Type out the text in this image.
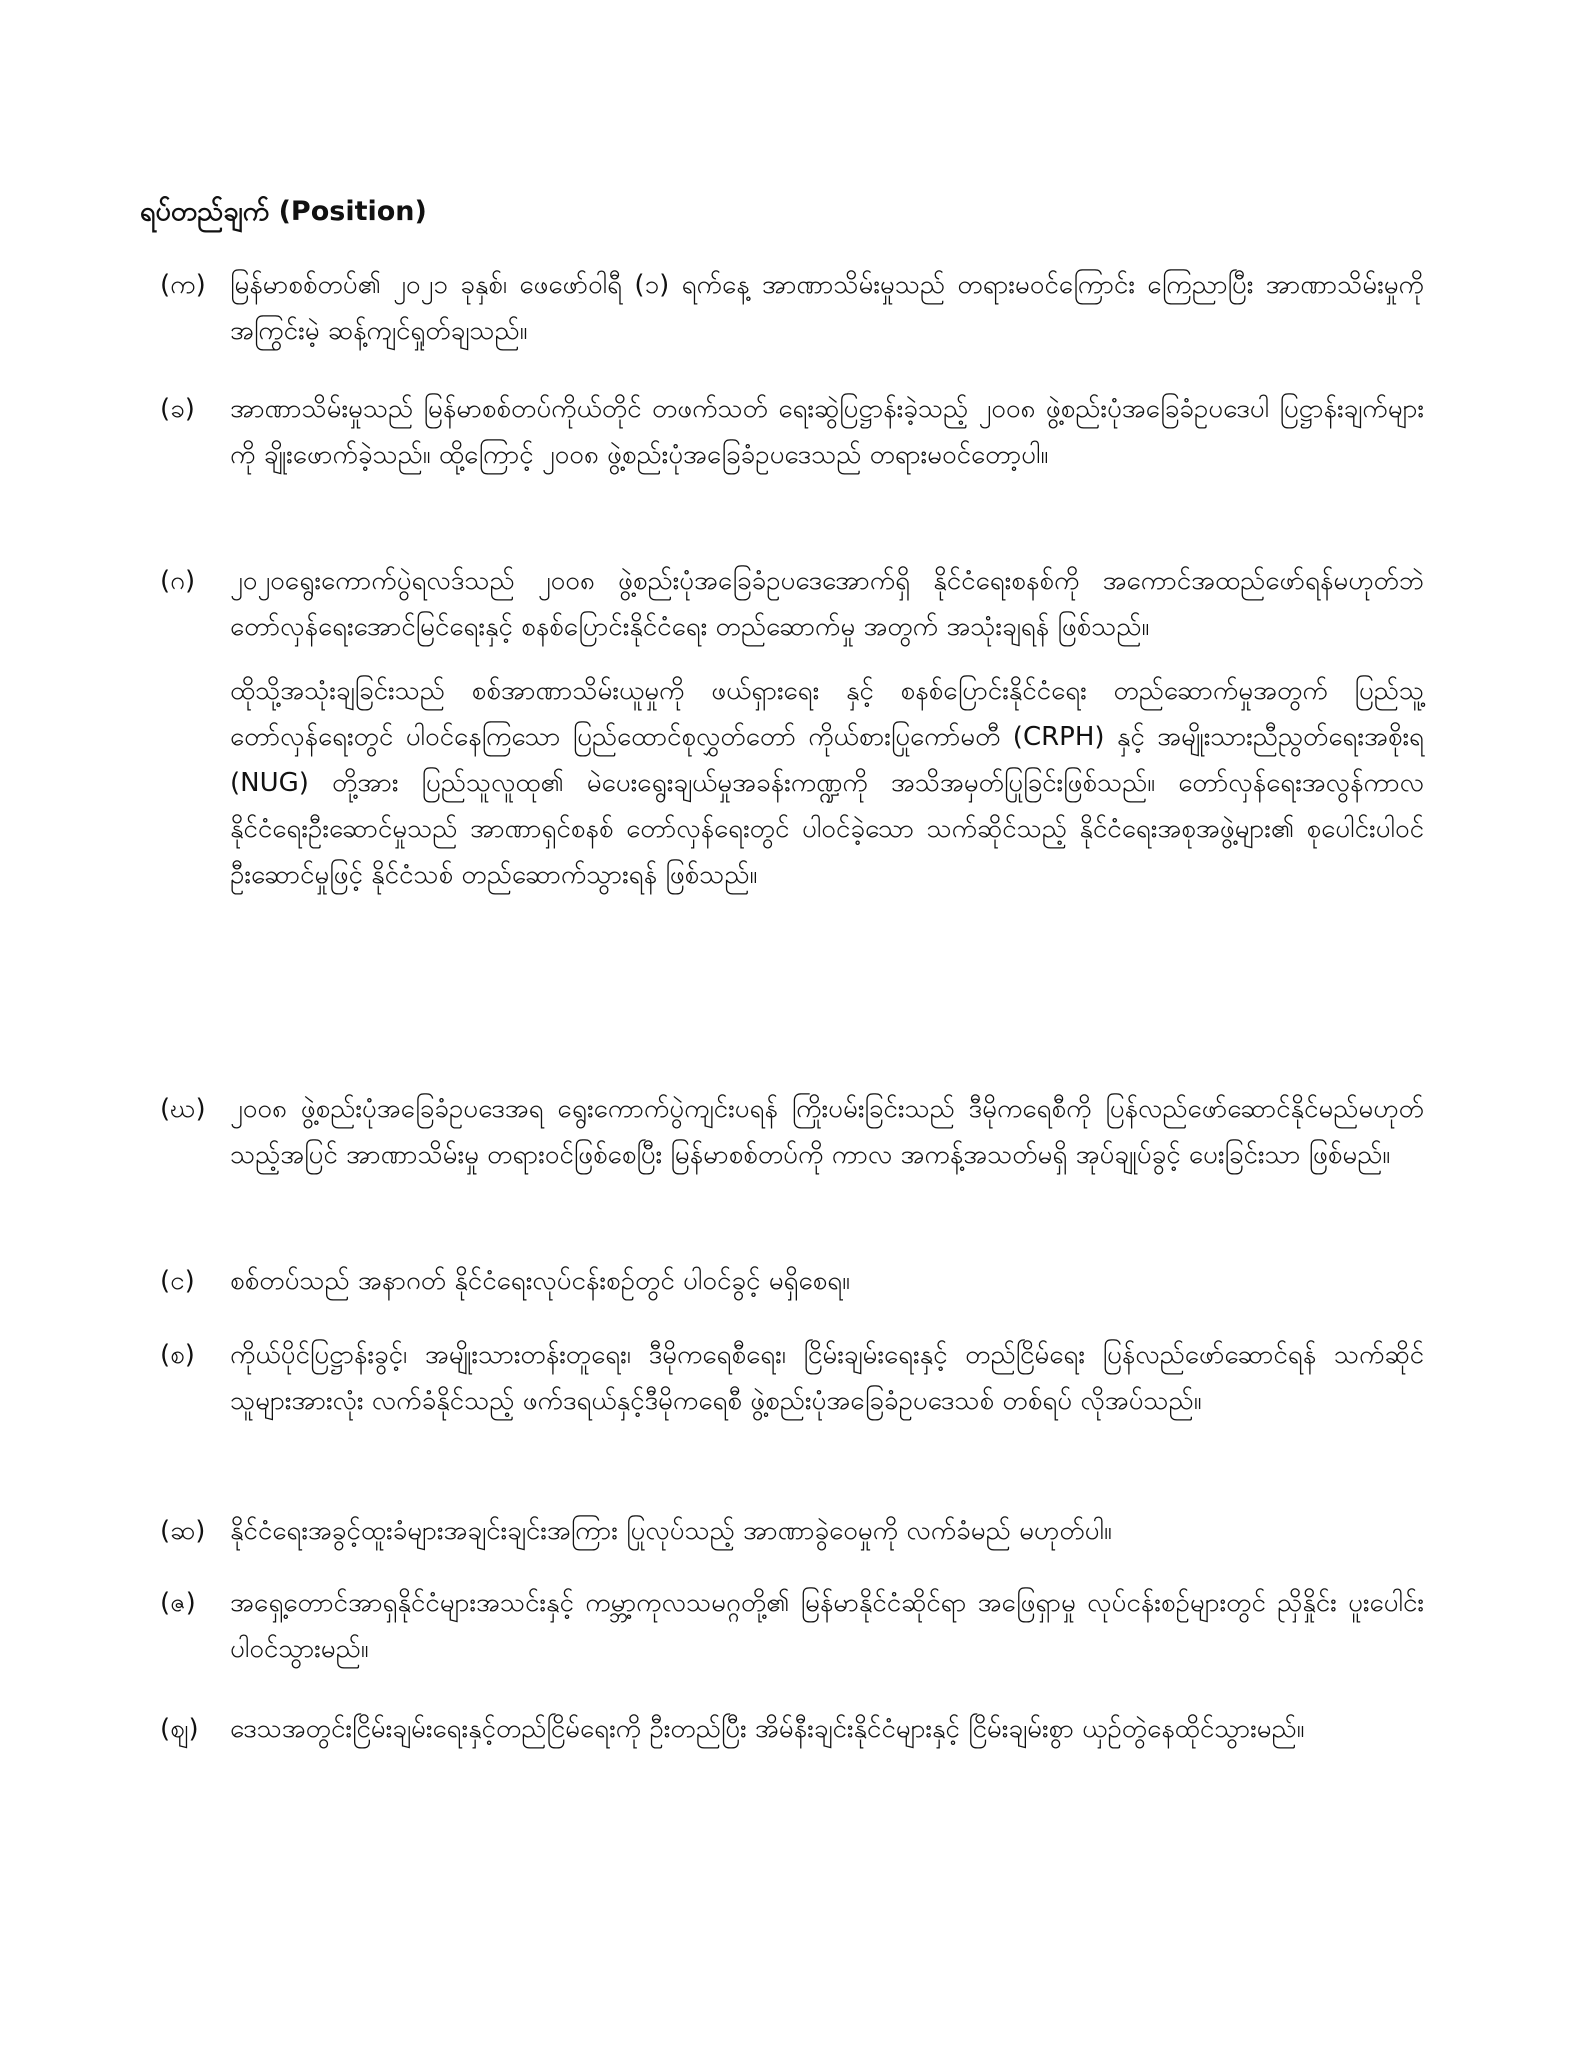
ရပ်တည်ချက် (Position)
(က) မြန်မာစစ်တပ်၏ ၂၀၂၁ ခုနှစ်၊ ဖေဖော်ဝါရီ (၁) ရက်နေ့ အာဏာသိမ်းမှုသည် တရားမဝင်ကြောင်း ကြေညာပြီး အာဏာသိမ်းမှုကို အကြွင်းမဲ့ ဆန့်ကျင်ရှုတ်ချသည်။
(ခ)	အာဏာသိမ်းမှုသည် မြန်မာစစ်တပ်ကိုယ်တိုင် တဖက်သတ် ရေးဆွဲပြဋ္ဌာန်းခဲ့သည့် ၂၀၀၈ ဖွဲ့စည်းပုံအခြေခံဥပဒေပါ ပြဋ္ဌာန်းချက်များကို ချိုးဖောက်ခဲ့သည်။ ထို့ကြောင့် ၂၀၀၈ ဖွဲ့စည်းပုံအခြေခံဥပဒေသည် တရားမဝင်တော့ပါ။
(ဂ)	၂၀၂၀ရွေးကောက်ပွဲရလဒ်သည် ၂၀၀၈ ဖွဲ့စည်းပုံအခြေခံဥပဒေအောက်ရှိ နိုင်ငံရေးစနစ်ကို အကောင်အထည်ဖော်ရန်မဟုတ်ဘဲ တော်လှန်ရေးအောင်မြင်ရေးနှင့် စနစ်ပြောင်းနိုင်ငံရေး တည်ဆောက်မှု အတွက် အသုံးချရန် ဖြစ်သည်။
ထိုသို့အသုံးချခြင်းသည် စစ်အာဏာသိမ်းယူမှုကို ဖယ်ရှားရေး နှင့် စနစ်ပြောင်းနိုင်ငံရေး တည်ဆောက်မှုအတွက် ပြည်သူ့တော်လှန်ရေးတွင် ပါဝင်နေကြသော ပြည်ထောင်စုလွှတ်တော် ကိုယ်စားပြုကော်မတီ (CRPH) နှင့် အမျိုးသားညီညွတ်ရေးအစိုးရ (NUG) တို့အား ပြည်သူလူထု၏ မဲပေးရွေးချယ်မှုအခန်းကဏ္ဍကို အသိအမှတ်ပြုခြင်းဖြစ်သည်။ တော်လှန်ရေးအလွန်ကာလ နိုင်ငံရေးဦးဆောင်မှုသည် အာဏာရှင်စနစ် တော်လှန်ရေးတွင် ပါဝင်ခဲ့သော သက်ဆိုင်သည့် နိုင်ငံရေးအစုအဖွဲ့များ၏ စုပေါင်းပါဝင်ဦးဆောင်မှုဖြင့် နိုင်ငံသစ် တည်ဆောက်သွားရန် ဖြစ်သည်။
(ဃ) ၂၀၀၈ ဖွဲ့စည်းပုံအခြေခံဥပဒေအရ ရွေးကောက်ပွဲကျင်းပရန် ကြိုးပမ်းခြင်းသည် ဒီမိုကရေစီကို ပြန်လည်ဖော်ဆောင်နိုင်မည်မဟုတ်သည့်အပြင် အာဏာသိမ်းမှု တရားဝင်ဖြစ်စေပြီး မြန်မာစစ်တပ်ကို ကာလ အကန့်အသတ်မရှိ အုပ်ချုပ်ခွင့် ပေးခြင်းသာ ဖြစ်မည်။
(င)	စစ်တပ်သည် အနာဂတ် နိုင်ငံရေးလုပ်ငန်းစဉ်တွင် ပါဝင်ခွင့် မရှိစေရ။
(စ)	ကိုယ်ပိုင်ပြဋ္ဌာန်းခွင့်၊ အမျိုးသားတန်းတူရေး၊ ဒီမိုကရေစီရေး၊ ငြိမ်းချမ်းရေးနှင့် တည်ငြိမ်ရေး ပြန်လည်ဖော်ဆောင်ရန် သက်ဆိုင်သူများအားလုံး လက်ခံနိုင်သည့် ဖက်ဒရယ်နှင့်ဒီမိုကရေစီ ဖွဲ့စည်းပုံအခြေခံဥပဒေသစ် တစ်ရပ် လိုအပ်သည်။
(ဆ) နိုင်ငံရေးအခွင့်ထူးခံများအချင်းချင်းအကြား ပြုလုပ်သည့် အာဏာခွဲဝေမှုကို လက်ခံမည် မဟုတ်ပါ။
(ဇ)	အရှေ့တောင်အာရှနိုင်ငံများအသင်းနှင့် ကမ္ဘာ့ကုလသမဂ္ဂတို့၏ မြန်မာနိုင်ငံဆိုင်ရာ အဖြေရှာမှု လုပ်ငန်းစဉ်များတွင် ညှိနှိုင်း ပူးပေါင်းပါဝင်သွားမည်။
(ဈ)	ဒေသအတွင်းငြိမ်းချမ်းရေးနှင့်တည်ငြိမ်ရေးကို ဦးတည်ပြီး အိမ်နီးချင်းနိုင်ငံများနှင့် ငြိမ်းချမ်းစွာ ယှဉ်တွဲနေထိုင်သွားမည်။
